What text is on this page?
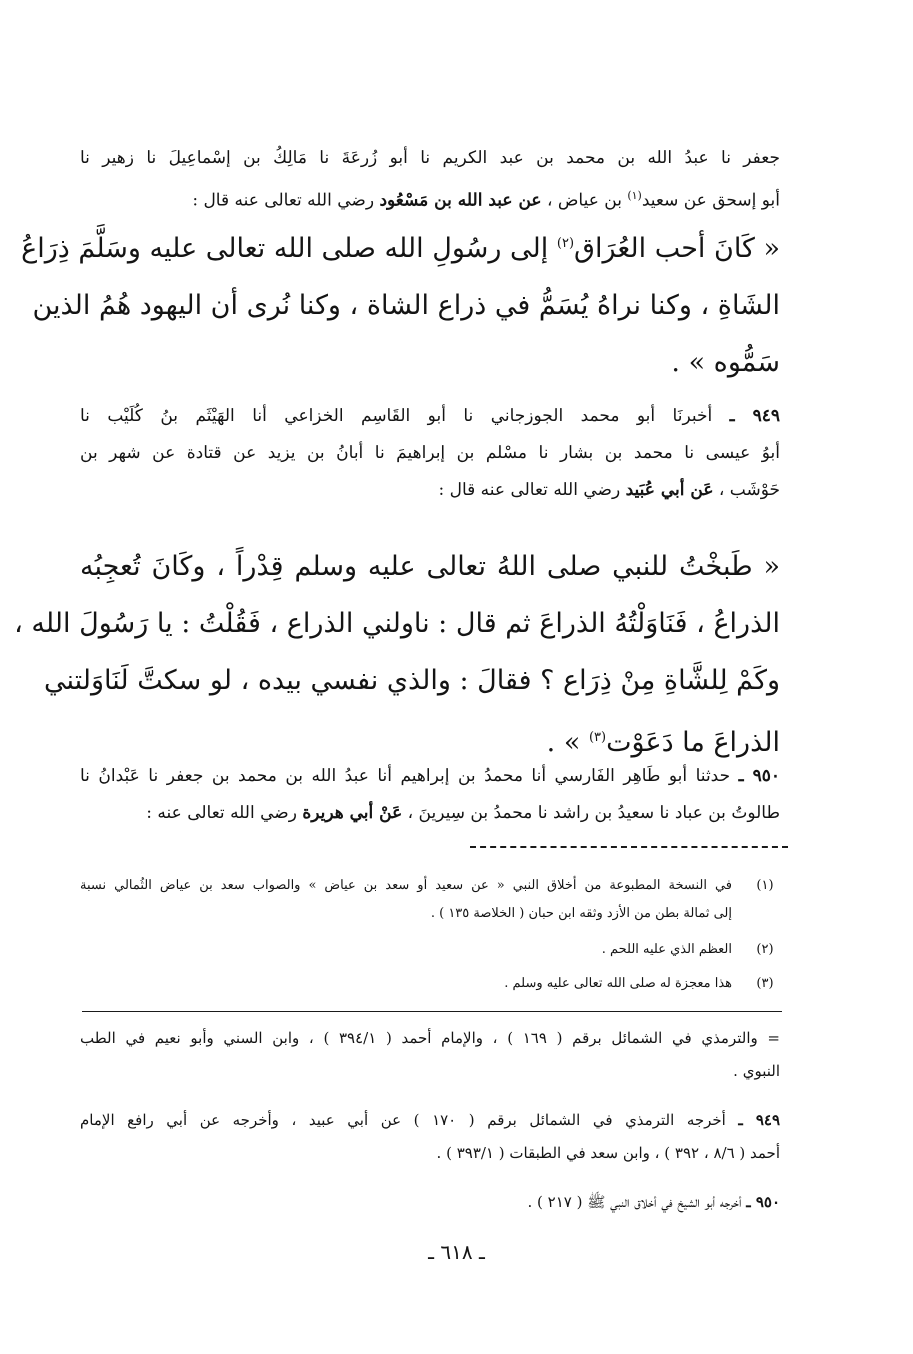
جعفر نا عبدُ الله بن محمد بن عبد الكريم نا أبو زُرعَةَ نا مَالِكُ بن إسْماعِيلَ نا زهير نا
أبو إسحق عن سعيد$^{(١)}$ بن عياض ، عن عبد الله بن مَسْعُود رضي الله تعالى عنه قال :
« كَانَ أحب العُرَاق$^{(٢)}$ إلى رسُولِ الله صلى الله تعالى عليه وسَلَّمَ ذِرَاعُ
الشَاةِ ، وكنا نراهُ يُسَمُّ في ذراع الشاة ، وكنا نُرى أن اليهود هُمُ الذين
سَمُّوه » .
٩٤٩ ـ أخبرنَا أبو محمد الجوزجاني نا أبو القَاسِم الخزاعي أنا الهَيْثَم بنُ كُلَيْب نا
أبوُ عيسى نا محمد بن بشار نا مسْلم بن إبراهيمَ نا أبانُ بن يزيد عن قتادة عن شهر بن
حَوْشَب ، عَن أبي عُبَيد رضي الله تعالى عنه قال :
« طَبخْتُ للنبي صلى اللهُ تعالى عليه وسلم قِدْراً ، وكَانَ تُعجِبُه
الذراعُ ، فَنَاوَلْتُهُ الذراعَ ثم قال : ناولني الذراع ، فَقُلْتُ : يا رَسُولَ الله ،
وكَمْ لِلشَّاةِ مِنْ ذِرَاع ؟ فقالَ : والذي نفسي بيده ، لو سكتَّ لَنَاوَلتني
الذراعَ ما دَعَوْت$^{(٣)}$ » .
٩٥٠ ـ حدثنا أبو طَاهِر الفَارسي أنا محمدُ بن إبراهيم أنا عبدُ الله بن محمد بن جعفر نا عَبْدانُ نا
طالوتُ بن عباد نا سعيدُ بن راشد نا محمدُ بن سِيرينَ ، عَنْ أبي هريرة رضي الله تعالى عنه :
(١)
في النسخة المطبوعة من أخلاق النبي « عن سعيد أو سعد بن عياض » والصواب سعد بن عياض الثُمالي نسبة
إلى ثمالة بطن من الأزد وثقه ابن حبان ( الخلاصة ١٣٥ ) .
(٢)
العظم الذي عليه اللحم .
(٣)
هذا معجزة له صلى الله تعالى عليه وسلم .
= والترمذي في الشمائل برقم ( ١٦٩ ) ، والإمام أحمد ( ٣٩٤/١ ) ، وابن السني وأبو نعيم في الطب
النبوي .
٩٤٩ ـ أخرجه الترمذي في الشمائل برقم ( ١٧٠ ) عن أبي عبيد ، وأخرجه عن أبي رافع الإمام
أحمد ( ٨/٦ ، ٣٩٢ ) ، وابن سعد في الطبقات ( ٣٩٣/١ ) .
٩٥٠ ـ أخرجه أبو الشيخ في أخلاق النبي ﷺ ( ٢١٧ ) .
ـ ٦١٨ ـ
